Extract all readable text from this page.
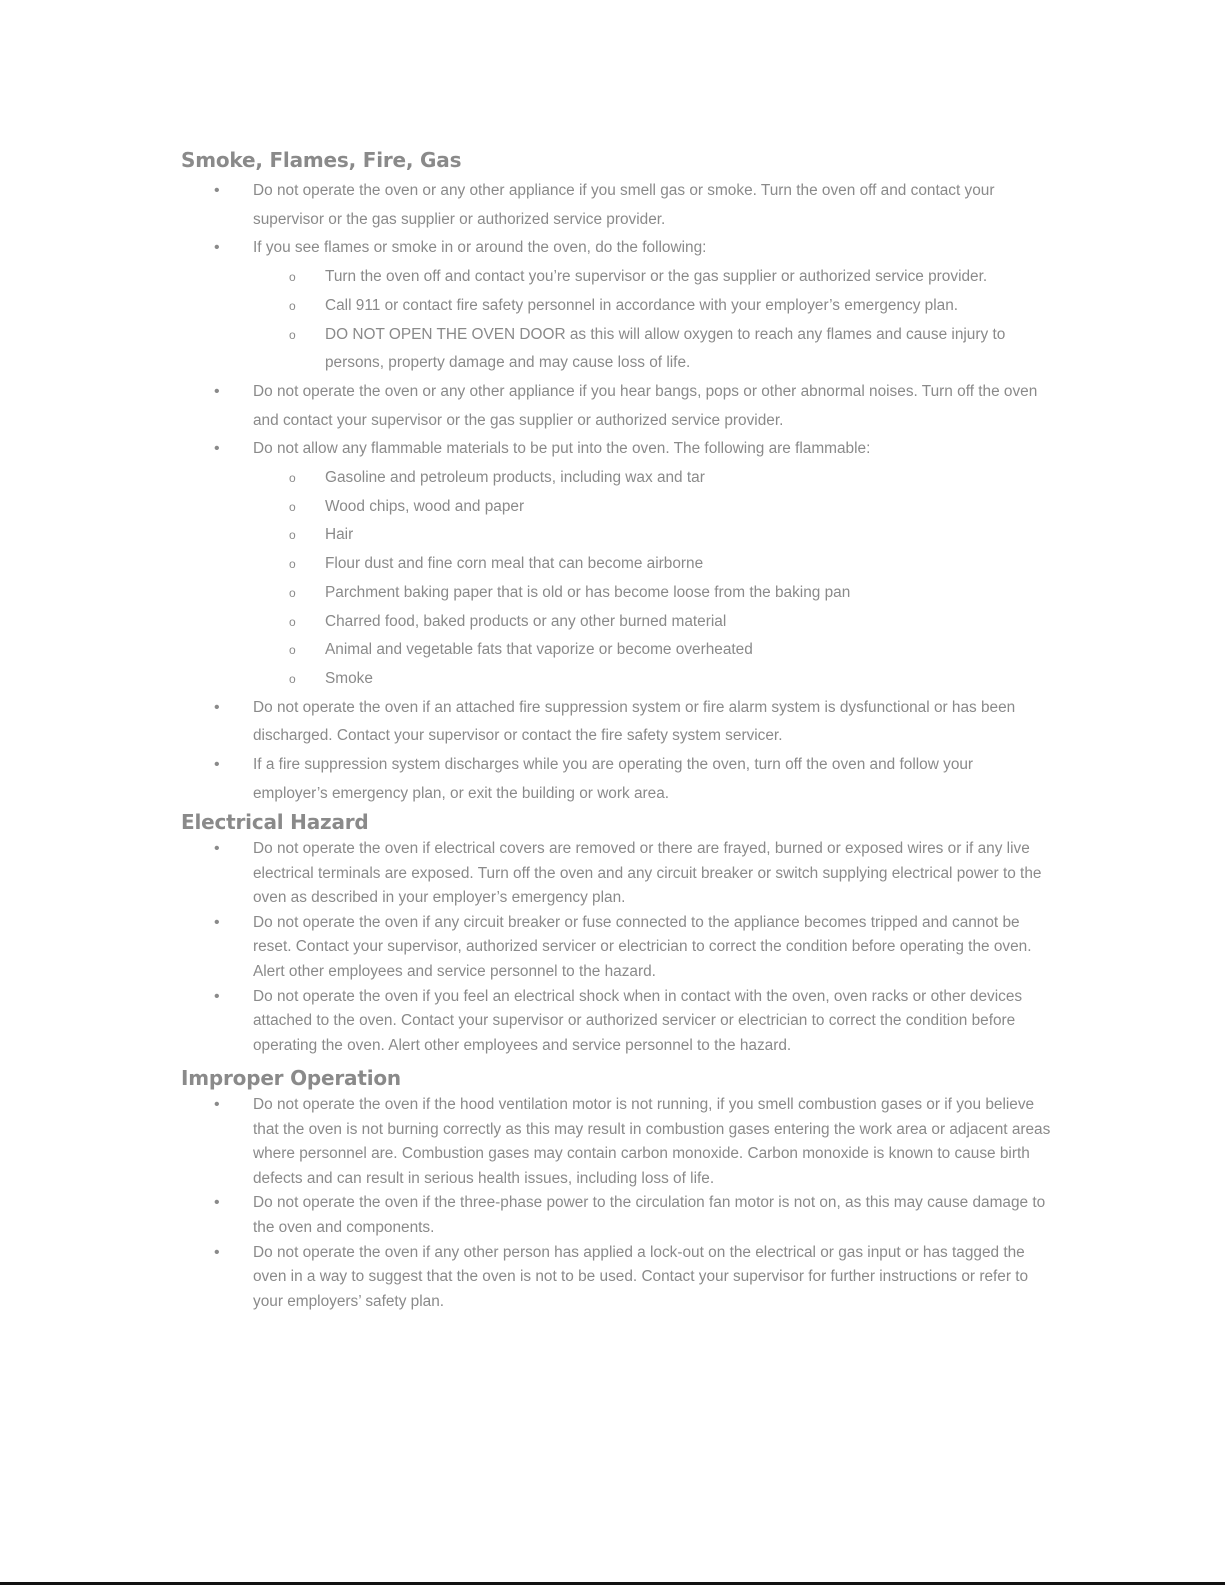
Smoke, Flames, Fire, Gas
• Do not operate the oven or any other appliance if you smell gas or smoke. Turn the oven off and contact your supervisor or the gas supplier or authorized service provider.
• If you see flames or smoke in or around the oven, do the following:
o Turn the oven off and contact you’re supervisor or the gas supplier or authorized service provider.
o Call 911 or contact fire safety personnel in accordance with your employer’s emergency plan.
o DO NOT OPEN THE OVEN DOOR as this will allow oxygen to reach any flames and cause injury to persons, property damage and may cause loss of life.
• Do not operate the oven or any other appliance if you hear bangs, pops or other abnormal noises. Turn off the oven and contact your supervisor or the gas supplier or authorized service provider.
• Do not allow any flammable materials to be put into the oven. The following are flammable:
o Gasoline and petroleum products, including wax and tar
o Wood chips, wood and paper
o Hair
o Flour dust and fine corn meal that can become airborne
o Parchment baking paper that is old or has become loose from the baking pan
o Charred food, baked products or any other burned material
o Animal and vegetable fats that vaporize or become overheated
o Smoke
• Do not operate the oven if an attached fire suppression system or fire alarm system is dysfunctional or has been discharged. Contact your supervisor or contact the fire safety system servicer.
• If a fire suppression system discharges while you are operating the oven, turn off the oven and follow your employer’s emergency plan, or exit the building or work area.
Electrical Hazard
• Do not operate the oven if electrical covers are removed or there are frayed, burned or exposed wires or if any live electrical terminals are exposed. Turn off the oven and any circuit breaker or switch supplying electrical power to the oven as described in your employer’s emergency plan.
• Do not operate the oven if any circuit breaker or fuse connected to the appliance becomes tripped and cannot be reset. Contact your supervisor, authorized servicer or electrician to correct the condition before operating the oven. Alert other employees and service personnel to the hazard.
• Do not operate the oven if you feel an electrical shock when in contact with the oven, oven racks or other devices attached to the oven. Contact your supervisor or authorized servicer or electrician to correct the condition before operating the oven. Alert other employees and service personnel to the hazard.
Improper Operation
• Do not operate the oven if the hood ventilation motor is not running, if you smell combustion gases or if you believe that the oven is not burning correctly as this may result in combustion gases entering the work area or adjacent areas where personnel are. Combustion gases may contain carbon monoxide. Carbon monoxide is known to cause birth defects and can result in serious health issues, including loss of life.
• Do not operate the oven if the three-phase power to the circulation fan motor is not on, as this may cause damage to the oven and components.
• Do not operate the oven if any other person has applied a lock-out on the electrical or gas input or has tagged the oven in a way to suggest that the oven is not to be used. Contact your supervisor for further instructions or refer to your employers’ safety plan.
